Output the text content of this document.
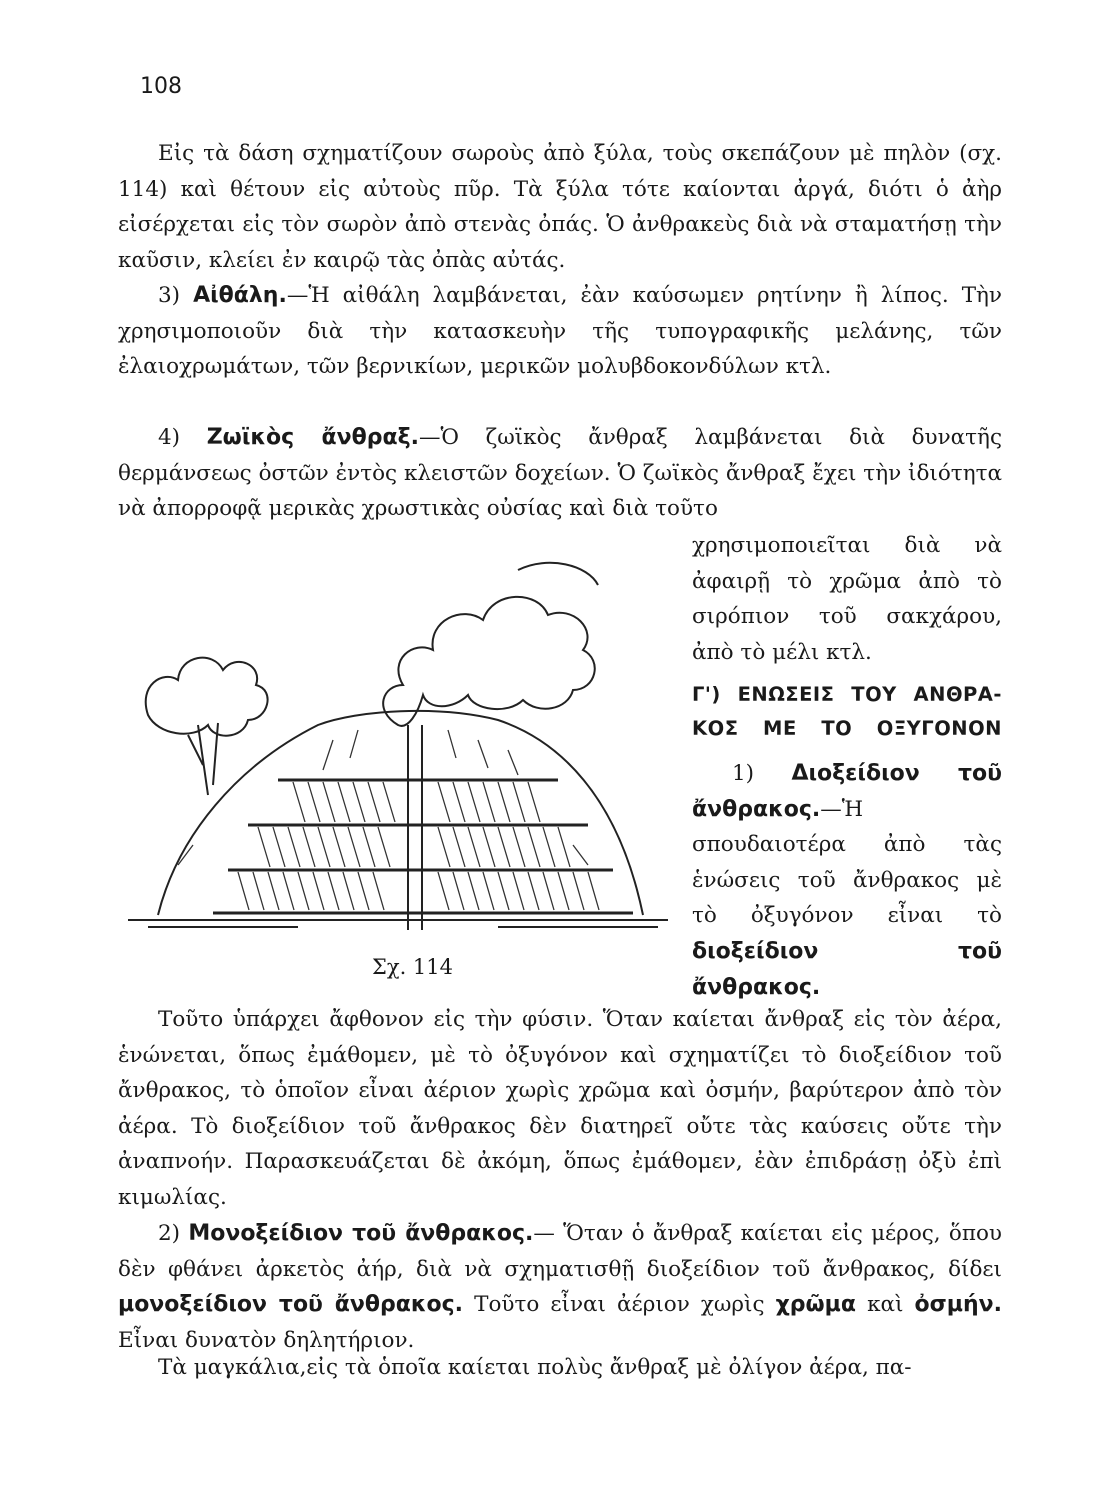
108

Εἰς τὰ δάση σχηματίζουν σωροὺς ἀπὸ ξύλα, τοὺς σκεπάζουν μὲ πηλὸν (σχ. 114) καὶ θέτουν εἰς αὐτοὺς πῦρ. Τὰ ξύλα τότε καίονται ἀργά, διότι ὁ ἀὴρ εἰσέρχεται εἰς τὸν σωρὸν ἀπὸ στενὰς ὀπάς. Ὁ ἀνθρακεὺς διὰ νὰ σταματήσῃ τὴν καῦσιν, κλείει ἐν καιρῷ τὰς ὀπὰς αὐτάς.

3) Αἰθάλη.—Ἡ αἰθάλη λαμβάνεται, ἐὰν καύσωμεν ρητίνην ἢ λίπος. Τὴν χρησιμοποιοῦν διὰ τὴν κατασκευὴν τῆς τυπογραφικῆς μελάνης, τῶν ἐλαιοχρωμάτων, τῶν βερνικίων, μερικῶν μολυβδοκονδύλων κτλ.

4) Ζωϊκὸς ἄνθραξ.—Ὁ ζωϊκὸς ἄνθραξ λαμβάνεται διὰ δυνατῆς θερμάνσεως ὀστῶν ἐντὸς κλειστῶν δοχείων. Ὁ ζωϊκὸς ἄνθραξ ἔχει τὴν ἰδιότητα νὰ ἀπορροφᾷ μερικὰς χρωστικὰς οὐσίας καὶ διὰ τοῦτο

χρησιμοποιεῖται διὰ νὰ ἀφαιρῇ τὸ χρῶμα ἀπὸ τὸ σιρόπιον τοῦ σακχάρου, ἀπὸ τὸ μέλι κτλ.

Σχ. 114
Γ') ΕΝΩΣΕΙΣ ΤΟΥ ΑΝΘΡΑ-
ΚΟΣ ΜΕ ΤΟ ΟΞΥΓΟΝΟΝ

1) Διοξείδιον τοῦ ἄνθρακος.—Ἡ σπουδαιοτέρα ἀπὸ τὰς ἑνώσεις τοῦ ἄνθρακος μὲ τὸ ὀξυγόνον εἶναι τὸ διοξείδιον τοῦ ἄνθρακος.

Τοῦτο ὑπάρχει ἄφθονον εἰς τὴν φύσιν. Ὅταν καίεται ἄνθραξ εἰς τὸν ἀέρα, ἑνώνεται, ὅπως ἐμάθομεν, μὲ τὸ ὀξυγόνον καὶ σχηματίζει τὸ διοξείδιον τοῦ ἄνθρακος, τὸ ὁποῖον εἶναι ἀέριον χωρὶς χρῶμα καὶ ὀσμήν, βαρύτερον ἀπὸ τὸν ἀέρα. Τὸ διοξείδιον τοῦ ἄνθρακος δὲν διατηρεῖ οὔτε τὰς καύσεις οὔτε τὴν ἀναπνοήν. Παρασκευάζεται δὲ ἀκόμη, ὅπως ἐμάθομεν, ἐὰν ἐπιδράσῃ ὀξὺ ἐπὶ κιμωλίας.

2) Μονοξείδιον τοῦ ἄνθρακος.— Ὅταν ὁ ἄνθραξ καίεται εἰς μέρος, ὅπου δὲν φθάνει ἀρκετὸς ἀήρ, διὰ νὰ σχηματισθῇ διοξείδιον τοῦ ἄνθρακος, δίδει μονοξείδιον τοῦ ἄνθρακος. Τοῦτο εἶναι ἀέριον χωρὶς χρῶμα καὶ ὀσμήν. Εἶναι δυνατὸν δηλητήριον.

Τὰ μαγκάλια,εἰς τὰ ὁποῖα καίεται πολὺς ἄνθραξ μὲ ὀλίγον ἀέρα, πα-
